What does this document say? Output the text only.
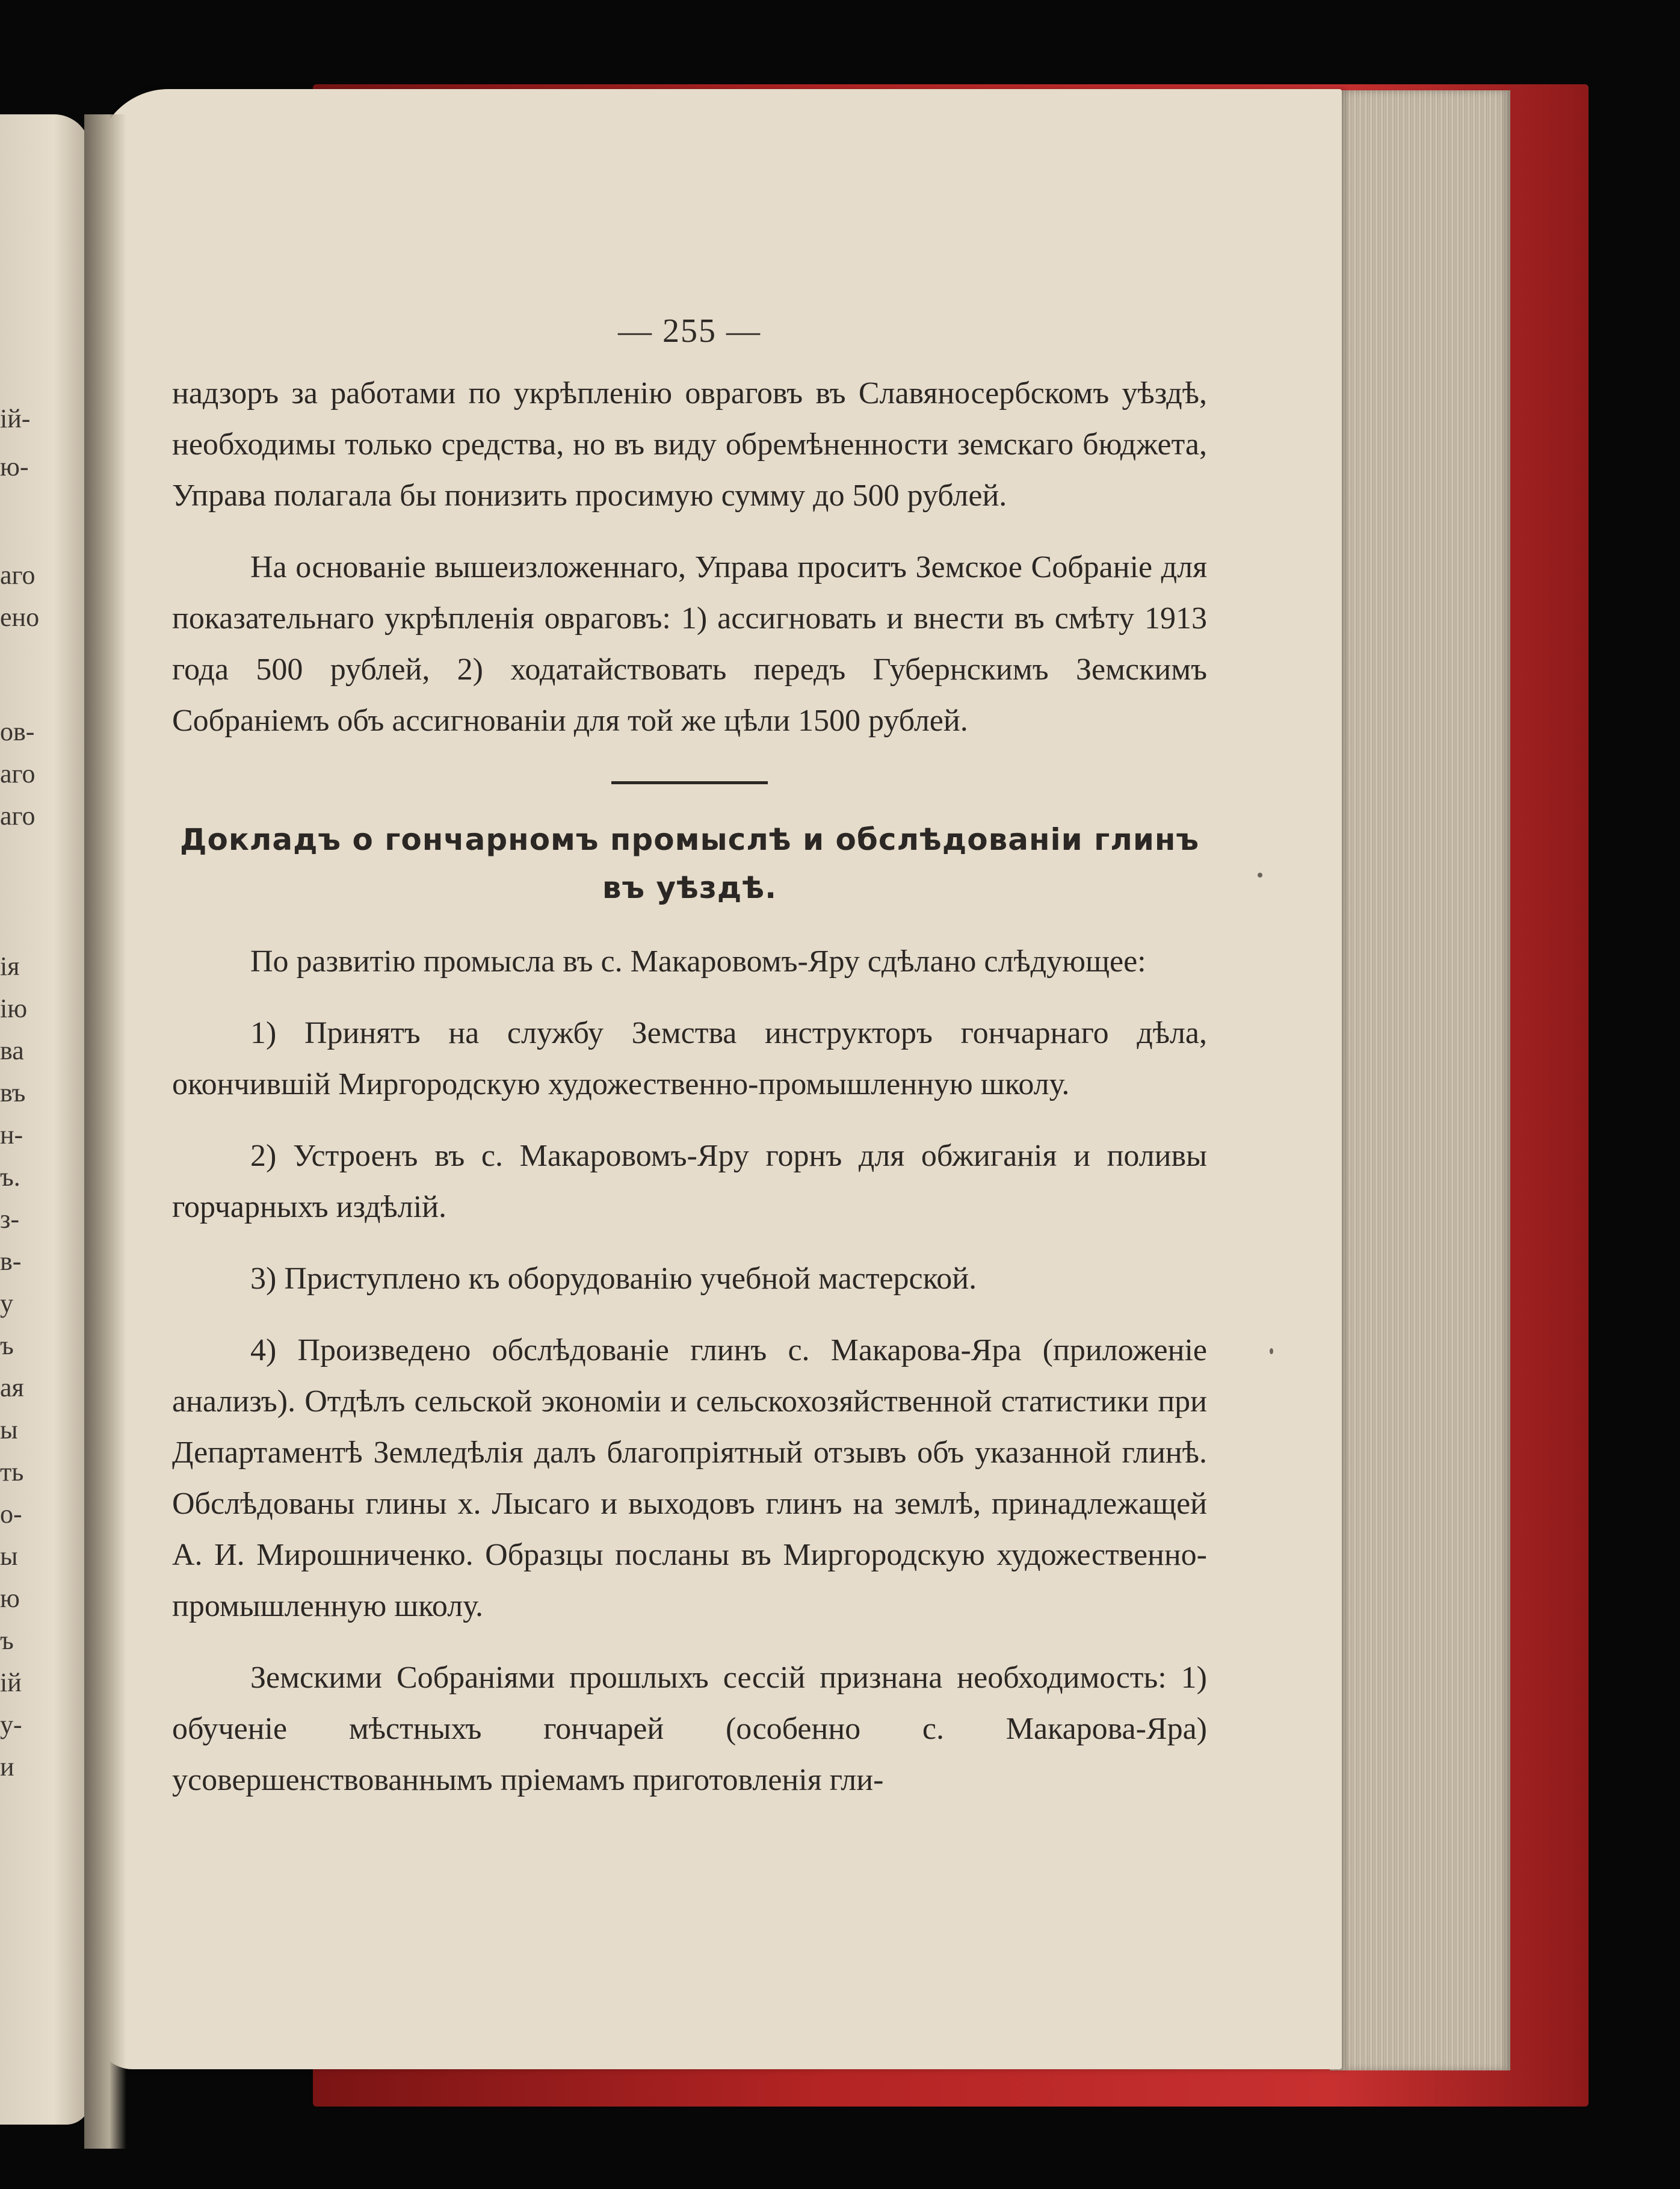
ій-
ю-
аго
ено
ов-
аго
аго
ія
ію
ва
въ
н-
ъ.
з-
в-
у
ъ
ая
ы
ть
о-
ы
ю
ъ
ій
у-
и
— 255 —

надзоръ за работами по укрѣпленію овраговъ въ Славяносербскомъ уѣздѣ, необходимы только средства, но въ виду обремѣненности земскаго бюджета, Управа полагала бы понизить просимую сумму до 500 рублей.

На основаніе вышеизложеннаго, Управа проситъ Земское Собраніе для показательнаго укрѣпленія овраговъ: 1) ассигновать и внести въ смѣту 1913 года 500 рублей, 2) ходатайствовать передъ Губернскимъ Земскимъ Собраніемъ объ ассигнованіи для той же цѣли 1500 рублей.

Докладъ о гончарномъ промыслѣ и обслѣдованіи глинъ въ уѣздѣ.

По развитію промысла въ с. Макаровомъ-Яру сдѣлано слѣдующее:

1) Принятъ на службу Земства инструкторъ гончарнаго дѣла, окончившій Миргородскую художественно-промышленную школу.

2) Устроенъ въ с. Макаровомъ-Яру горнъ для обжиганія и поливы горчарныхъ издѣлій.

3) Приступлено къ оборудованію учебной мастерской.

4) Произведено обслѣдованіе глинъ с. Макарова-Яра (приложеніе анализъ). Отдѣлъ сельской экономіи и сельскохозяйственной статистики при Департаментѣ Земледѣлія далъ благопріятный отзывъ объ указанной глинѣ. Обслѣдованы глины х. Лысаго и выходовъ глинъ на землѣ, принадлежащей А. И. Мирошниченко. Образцы посланы въ Миргородскую художественно-промышленную школу.

Земскими Собраніями прошлыхъ сессій признана необходимость: 1) обученіе мѣстныхъ гончарей (особенно с. Макарова-Яра) усовершенствованнымъ пріемамъ приготовленія гли-
